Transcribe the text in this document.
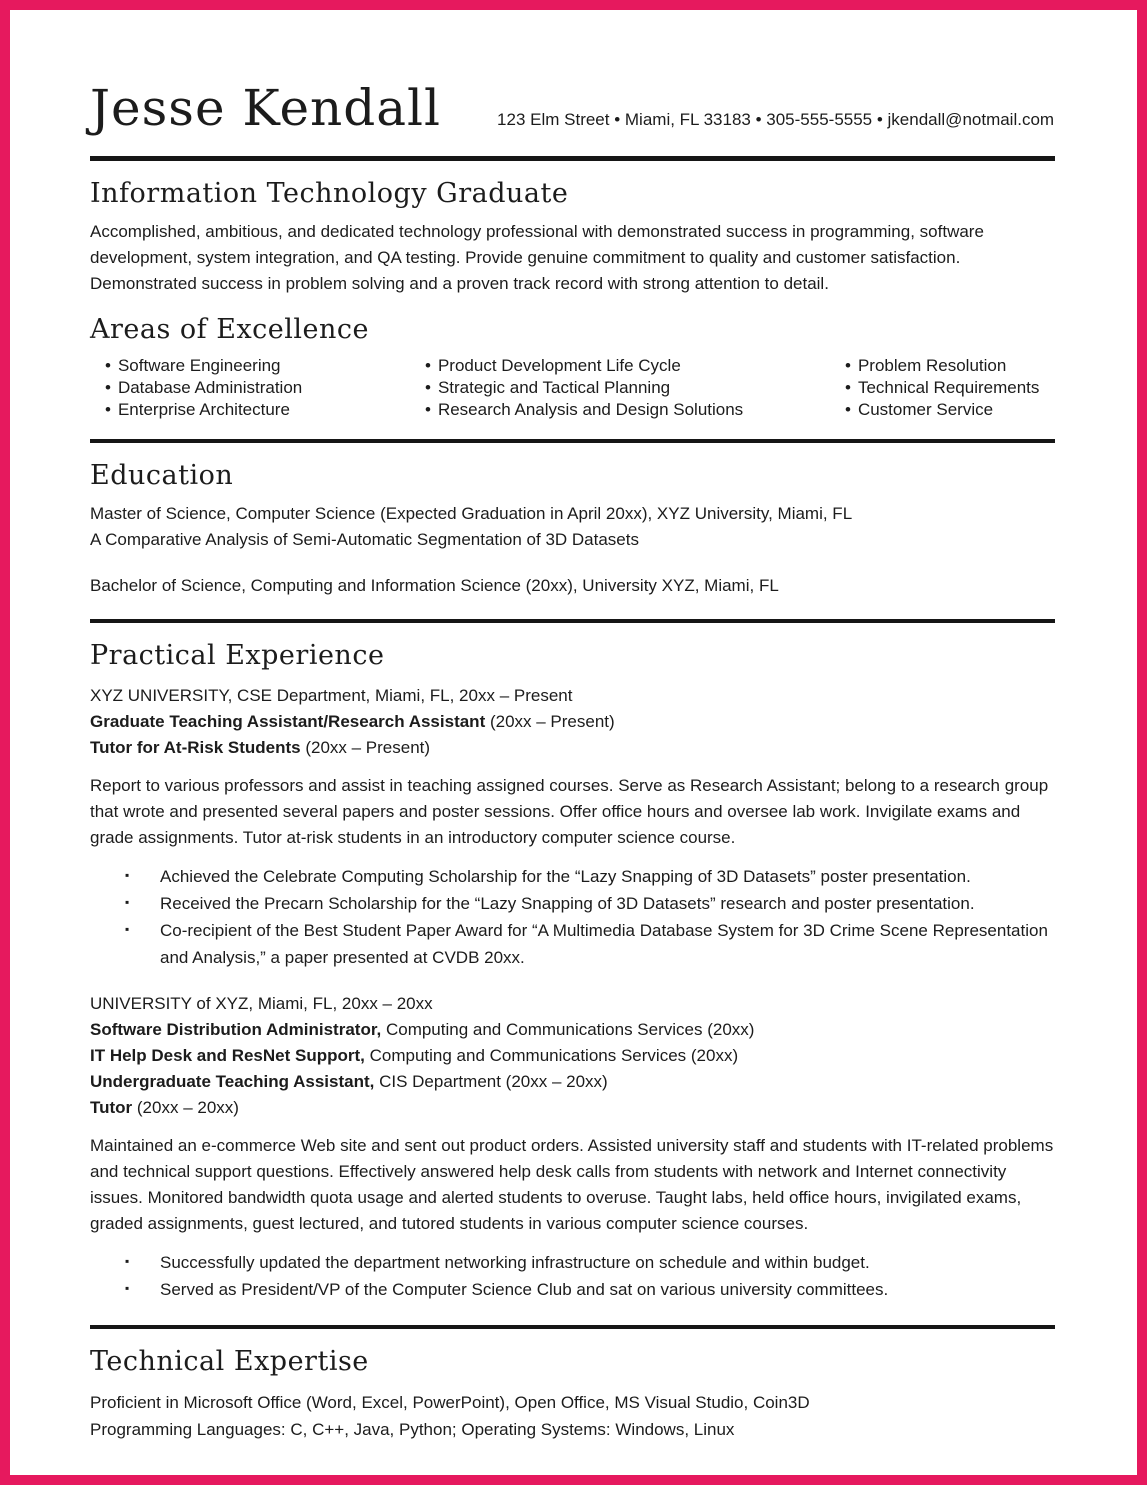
Jesse Kendall	123 Elm Street • Miami, FL 33183 • 305-555-5555 • jkendall@notmail.com
Information Technology Graduate

Accomplished, ambitious, and dedicated technology professional with demonstrated success in programming, software development, system integration, and QA testing. Provide genuine commitment to quality and customer satisfaction. Demonstrated success in problem solving and a proven track record with strong attention to detail.

Areas of Excellence
• Software Engineering
• Database Administration
• Enterprise Architecture
• Product Development Life Cycle
• Strategic and Tactical Planning
• Research Analysis and Design Solutions
• Problem Resolution
• Technical Requirements
• Customer Service
Education
Master of Science, Computer Science (Expected Graduation in April 20xx), XYZ University, Miami, FL
A Comparative Analysis of Semi-Automatic Segmentation of 3D Datasets
Bachelor of Science, Computing and Information Science (20xx), University XYZ, Miami, FL
Practical Experience
XYZ UNIVERSITY, CSE Department, Miami, FL, 20xx – Present
Graduate Teaching Assistant/Research Assistant (20xx – Present)
Tutor for At-Risk Students (20xx – Present)

Report to various professors and assist in teaching assigned courses. Serve as Research Assistant; belong to a research group that wrote and presented several papers and poster sessions. Offer office hours and oversee lab work. Invigilate exams and grade assignments. Tutor at-risk students in an introductory computer science course.

▪ Achieved the Celebrate Computing Scholarship for the “Lazy Snapping of 3D Datasets” poster presentation.
▪ Received the Precarn Scholarship for the “Lazy Snapping of 3D Datasets” research and poster presentation.
▪ Co-recipient of the Best Student Paper Award for “A Multimedia Database System for 3D Crime Scene Representation and Analysis,” a paper presented at CVDB 20xx.
UNIVERSITY of XYZ, Miami, FL, 20xx – 20xx
Software Distribution Administrator, Computing and Communications Services (20xx)
IT Help Desk and ResNet Support, Computing and Communications Services (20xx)
Undergraduate Teaching Assistant, CIS Department (20xx – 20xx)
Tutor (20xx – 20xx)

Maintained an e-commerce Web site and sent out product orders. Assisted university staff and students with IT-related problems and technical support questions. Effectively answered help desk calls from students with network and Internet connectivity issues. Monitored bandwidth quota usage and alerted students to overuse. Taught labs, held office hours, invigilated exams, graded assignments, guest lectured, and tutored students in various computer science courses.

▪ Successfully updated the department networking infrastructure on schedule and within budget.
▪ Served as President/VP of the Computer Science Club and sat on various university committees.
Technical Expertise
Proficient in Microsoft Office (Word, Excel, PowerPoint), Open Office, MS Visual Studio, Coin3D
Programming Languages: C, C++, Java, Python; Operating Systems: Windows, Linux
